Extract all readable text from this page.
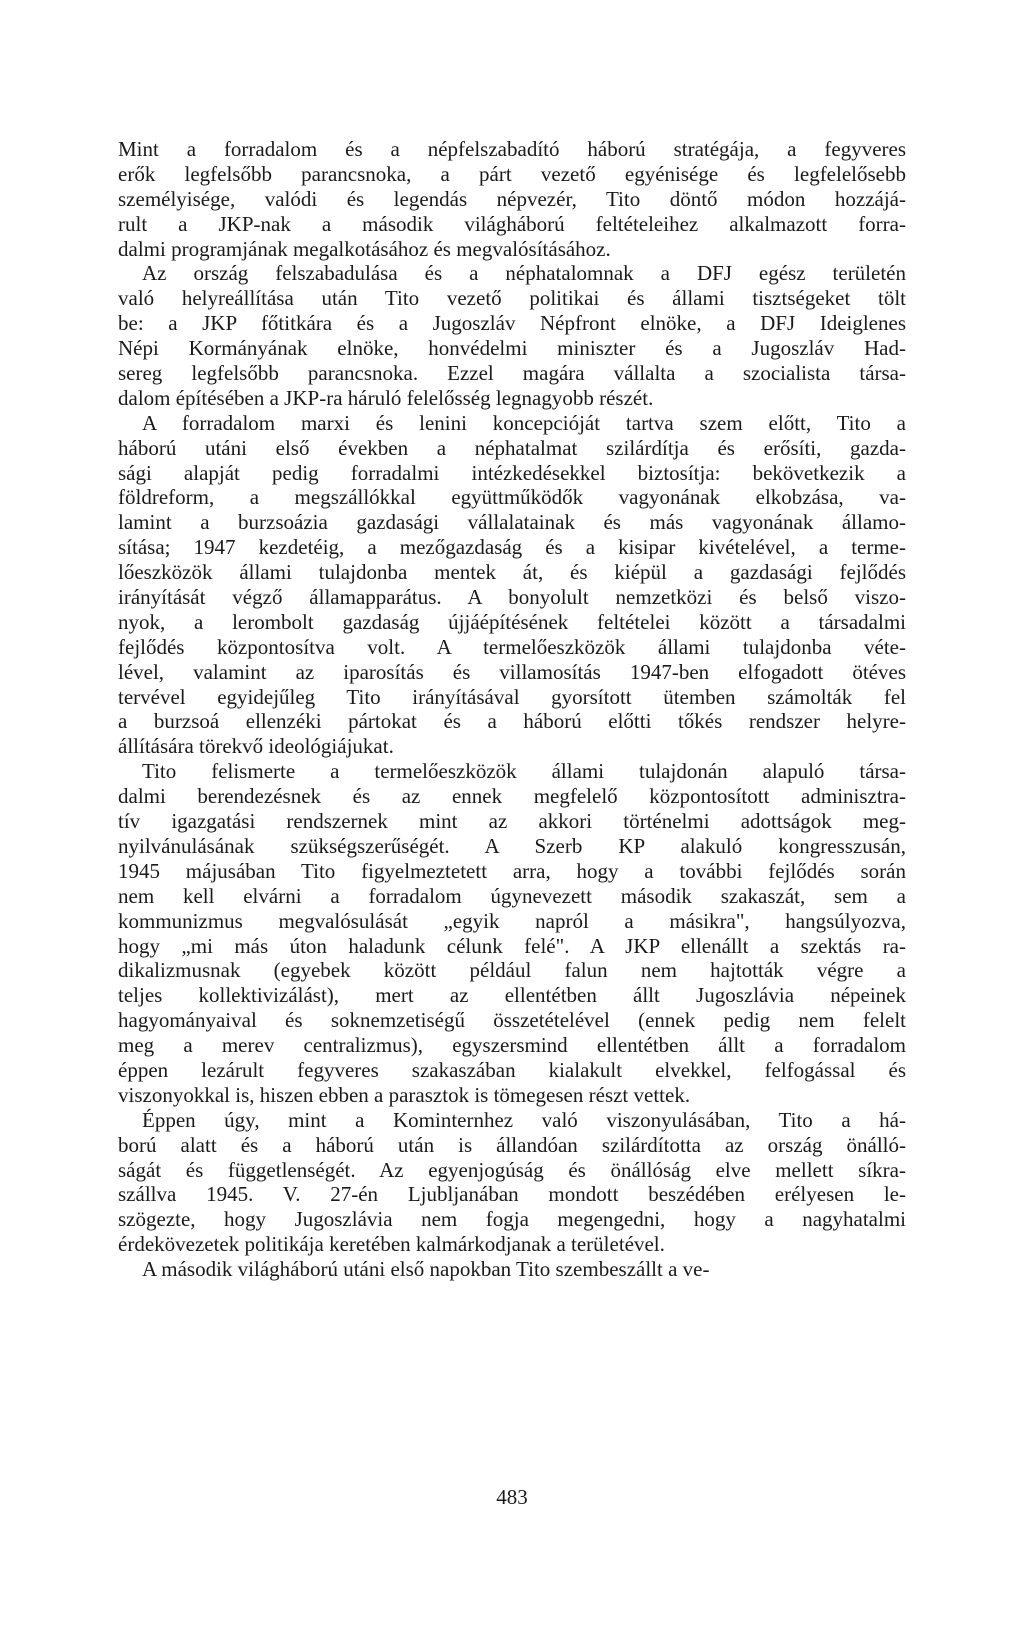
Mint a forradalom és a népfelszabadító háború stratégája, a fegyveres
erők legfelsőbb parancsnoka, a párt vezető egyénisége és legfelelősebb
személyisége, valódi és legendás népvezér, Tito döntő módon hozzájá-
rult a JKP-nak a második világháború feltételeihez alkalmazott forra-
dalmi programjának megalkotásához és megvalósításához.
Az ország felszabadulása és a néphatalomnak a DFJ egész területén
való helyreállítása után Tito vezető politikai és állami tisztségeket tölt
be: a JKP főtitkára és a Jugoszláv Népfront elnöke, a DFJ Ideiglenes
Népi Kormányának elnöke, honvédelmi miniszter és a Jugoszláv Had-
sereg legfelsőbb parancsnoka. Ezzel magára vállalta a szocialista társa-
dalom építésében a JKP-ra háruló felelősség legnagyobb részét.
A forradalom marxi és lenini koncepcióját tartva szem előtt, Tito a
háború utáni első években a néphatalmat szilárdítja és erősíti, gazda-
sági alapját pedig forradalmi intézkedésekkel biztosítja: bekövetkezik a
földreform, a megszállókkal együttműködők vagyonának elkobzása, va-
lamint a burzsoázia gazdasági vállalatainak és más vagyonának államo-
sítása; 1947 kezdetéig, a mezőgazdaság és a kisipar kivételével, a terme-
lőeszközök állami tulajdonba mentek át, és kiépül a gazdasági fejlődés
irányítását végző államapparátus. A bonyolult nemzetközi és belső viszo-
nyok, a lerombolt gazdaság újjáépítésének feltételei között a társadalmi
fejlődés központosítva volt. A termelőeszközök állami tulajdonba véte-
lével, valamint az iparosítás és villamosítás 1947-ben elfogadott ötéves
tervével egyidejűleg Tito irányításával gyorsított ütemben számolták fel
a burzsoá ellenzéki pártokat és a háború előtti tőkés rendszer helyre-
állítására törekvő ideológiájukat.
Tito felismerte a termelőeszközök állami tulajdonán alapuló társa-
dalmi berendezésnek és az ennek megfelelő központosított adminisztra-
tív igazgatási rendszernek mint az akkori történelmi adottságok meg-
nyilvánulásának szükségszerűségét. A Szerb KP alakuló kongresszusán,
1945 májusában Tito figyelmeztetett arra, hogy a további fejlődés során
nem kell elvárni a forradalom úgynevezett második szakaszát, sem a
kommunizmus megvalósulását „egyik napról a másikra", hangsúlyozva,
hogy „mi más úton haladunk célunk felé". A JKP ellenállt a szektás ra-
dikalizmusnak (egyebek között például falun nem hajtották végre a
teljes kollektivizálást), mert az ellentétben állt Jugoszlávia népeinek
hagyományaival és soknemzetiségű összetételével (ennek pedig nem felelt
meg a merev centralizmus), egyszersmind ellentétben állt a forradalom
éppen lezárult fegyveres szakaszában kialakult elvekkel, felfogással és
viszonyokkal is, hiszen ebben a parasztok is tömegesen részt vettek.
Éppen úgy, mint a Kominternhez való viszonyulásában, Tito a há-
ború alatt és a háború után is állandóan szilárdította az ország önálló-
ságát és függetlenségét. Az egyenjogúság és önállóság elve mellett síkra-
szállva 1945. V. 27-én Ljubljanában mondott beszédében erélyesen le-
szögezte, hogy Jugoszlávia nem fogja megengedni, hogy a nagyhatalmi
érdekövezetek politikája keretében kalmárkodjanak a területével.
A második világháború utáni első napokban Tito szembeszállt a ve-
483
